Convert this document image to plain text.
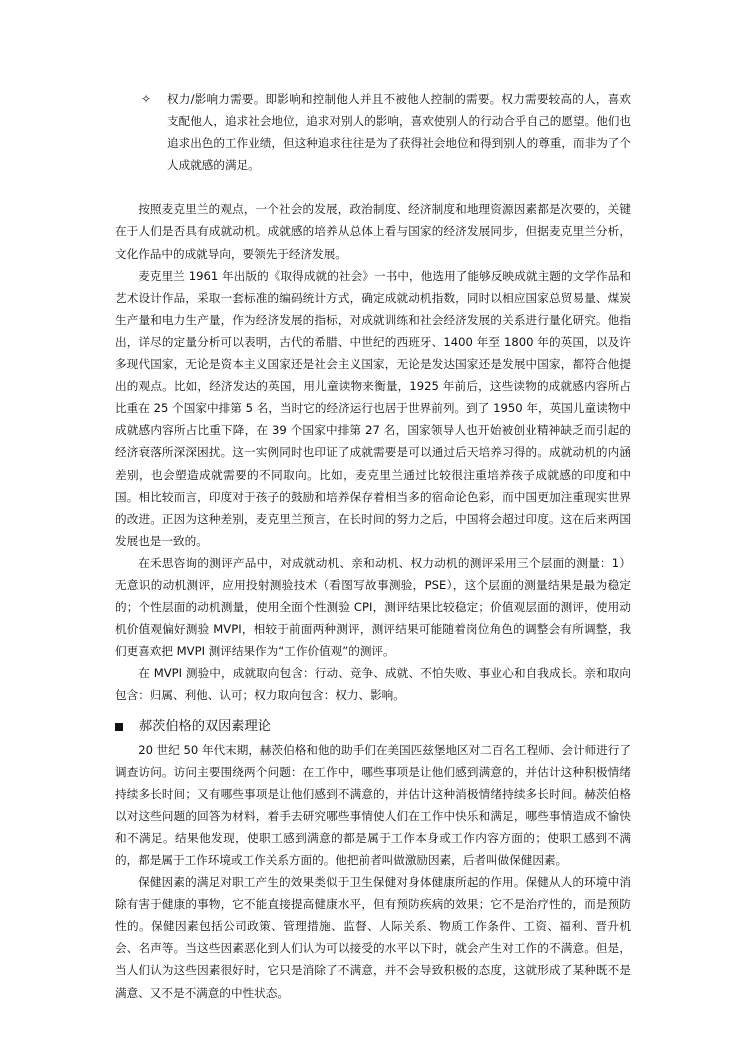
✧ 权力/影响力需要。即影响和控制他人并且不被他人控制的需要。权力需要较高的人，喜欢支配他人，追求社会地位，追求对别人的影响，喜欢使别人的行动合乎自己的愿望。他们也追求出色的工作业绩，但这种追求往往是为了获得社会地位和得到别人的尊重，而非为了个人成就感的满足。

按照麦克里兰的观点，一个社会的发展，政治制度、经济制度和地理资源因素都是次要的，关键在于人们是否具有成就动机。成就感的培养从总体上看与国家的经济发展同步，但据麦克里兰分析，文化作品中的成就导向，要领先于经济发展。

麦克里兰 1961 年出版的《取得成就的社会》一书中，他选用了能够反映成就主题的文学作品和艺术设计作品，采取一套标准的编码统计方式，确定成就动机指数，同时以相应国家总贸易量、煤炭生产量和电力生产量，作为经济发展的指标，对成就训练和社会经济发展的关系进行量化研究。他指出，详尽的定量分析可以表明，古代的希腊、中世纪的西班牙、1400 年至 1800 年的英国，以及许多现代国家，无论是资本主义国家还是社会主义国家，无论是发达国家还是发展中国家，都符合他提出的观点。比如，经济发达的英国，用儿童读物来衡量，1925 年前后，这些读物的成就感内容所占比重在 25 个国家中排第 5 名，当时它的经济运行也居于世界前列。到了 1950 年，英国儿童读物中成就感内容所占比重下降，在 39 个国家中排第 27 名，国家领导人也开始被创业精神缺乏而引起的经济衰落所深深困扰。这一实例同时也印证了成就需要是可以通过后天培养习得的。成就动机的内涵差别，也会塑造成就需要的不同取向。比如，麦克里兰通过比较很注重培养孩子成就感的印度和中国。相比较而言，印度对于孩子的鼓励和培养保存着相当多的宿命论色彩，而中国更加注重现实世界的改进。正因为这种差别，麦克里兰预言，在长时间的努力之后，中国将会超过印度。这在后来两国发展也是一致的。

在禾思咨询的测评产品中，对成就动机、亲和动机、权力动机的测评采用三个层面的测量：1）无意识的动机测评，应用投射测验技术（看图写故事测验，PSE），这个层面的测量结果是最为稳定的；个性层面的动机测量，使用全面个性测验 CPI，测评结果比较稳定；价值观层面的测评，使用动机价值观偏好测验 MVPI，相较于前面两种测评，测评结果可能随着岗位角色的调整会有所调整，我们更喜欢把 MVPI 测评结果作为“工作价值观”的测评。

在 MVPI 测验中，成就取向包含：行动、竞争、成就、不怕失败、事业心和自我成长。亲和取向包含：归属、利他、认可；权力取向包含：权力、影响。

郝茨伯格的双因素理论

20 世纪 50 年代末期，赫茨伯格和他的助手们在美国匹兹堡地区对二百名工程师、会计师进行了调查访问。访问主要围绕两个问题：在工作中，哪些事项是让他们感到满意的，并估计这种积极情绪持续多长时间；又有哪些事项是让他们感到不满意的，并估计这种消极情绪持续多长时间。赫茨伯格以对这些问题的回答为材料，着手去研究哪些事情使人们在工作中快乐和满足，哪些事情造成不愉快和不满足。结果他发现，使职工感到满意的都是属于工作本身或工作内容方面的；使职工感到不满的，都是属于工作环境或工作关系方面的。他把前者叫做激励因素，后者叫做保健因素。

保健因素的满足对职工产生的效果类似于卫生保健对身体健康所起的作用。保健从人的环境中消除有害于健康的事物，它不能直接提高健康水平，但有预防疾病的效果；它不是治疗性的，而是预防性的。保健因素包括公司政策、管理措施、监督、人际关系、物质工作条件、工资、福利、晋升机会、名声等。当这些因素恶化到人们认为可以接受的水平以下时，就会产生对工作的不满意。但是，当人们认为这些因素很好时，它只是消除了不满意，并不会导致积极的态度，这就形成了某种既不是满意、又不是不满意的中性状态。
